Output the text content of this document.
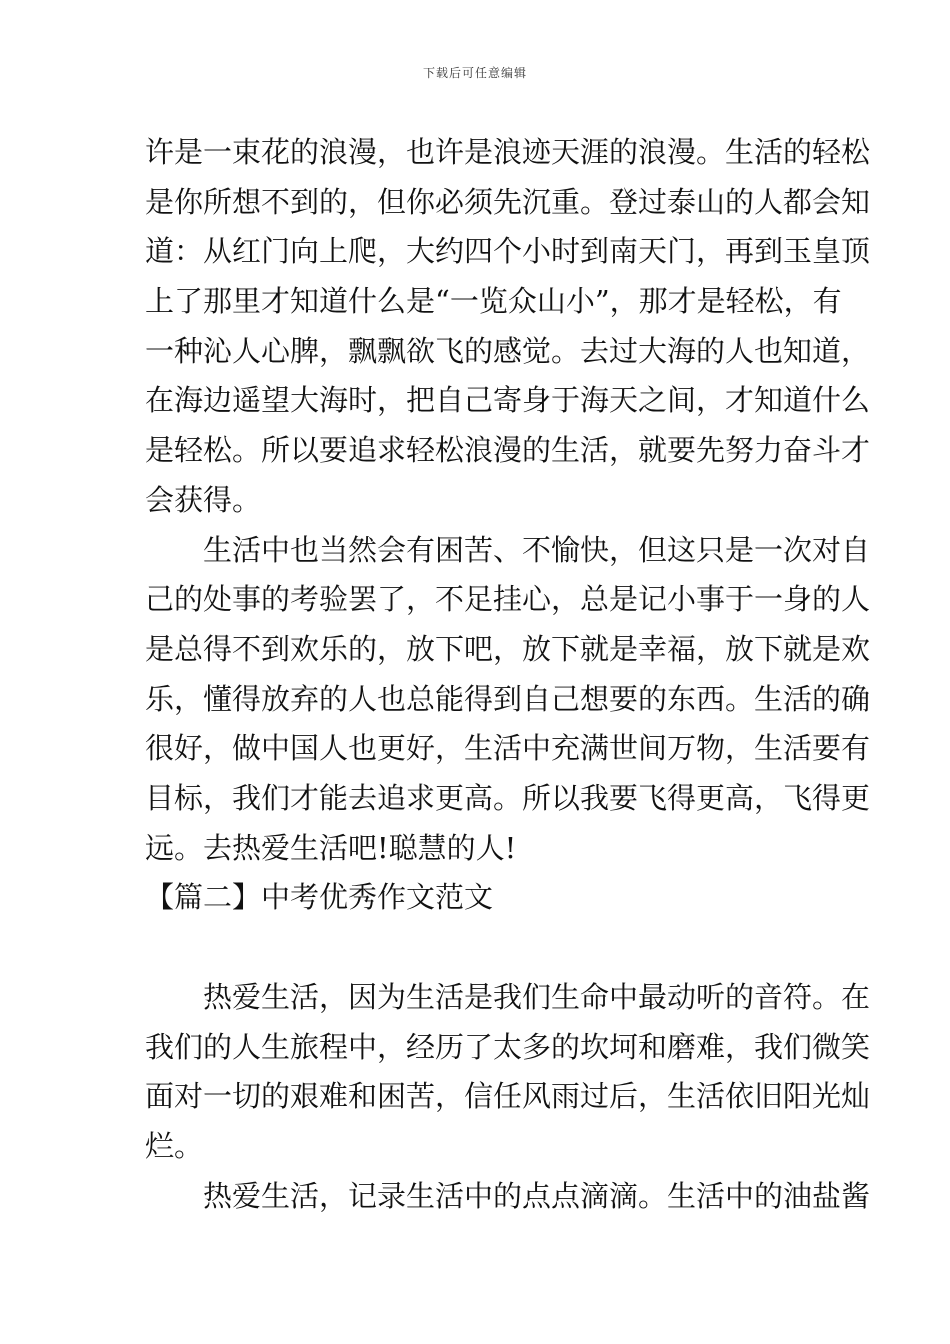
下载后可任意编辑
许是一束花的浪漫，也许是浪迹天涯的浪漫。生活的轻松
是你所想不到的，但你必须先沉重。登过泰山的人都会知
道：从红门向上爬，大约四个小时到南天门，再到玉皇顶
上了那里才知道什么是“一览众山小”，那才是轻松，有
一种沁人心脾，飘飘欲飞的感觉。去过大海的人也知道，
在海边遥望大海时，把自己寄身于海天之间，才知道什么
是轻松。所以要追求轻松浪漫的生活，就要先努力奋斗才
会获得。
　　生活中也当然会有困苦、不愉快，但这只是一次对自
己的处事的考验罢了，不足挂心，总是记小事于一身的人
是总得不到欢乐的，放下吧，放下就是幸福，放下就是欢
乐，懂得放弃的人也总能得到自己想要的东西。生活的确
很好，做中国人也更好，生活中充满世间万物，生活要有
目标，我们才能去追求更高。所以我要飞得更高，飞得更
远。去热爱生活吧!聪慧的人!
【篇二】中考优秀作文范文
　　热爱生活，因为生活是我们生命中最动听的音符。在
我们的人生旅程中，经历了太多的坎坷和磨难，我们微笑
面对一切的艰难和困苦，信任风雨过后，生活依旧阳光灿
烂。
　　热爱生活，记录生活中的点点滴滴。生活中的油盐酱
